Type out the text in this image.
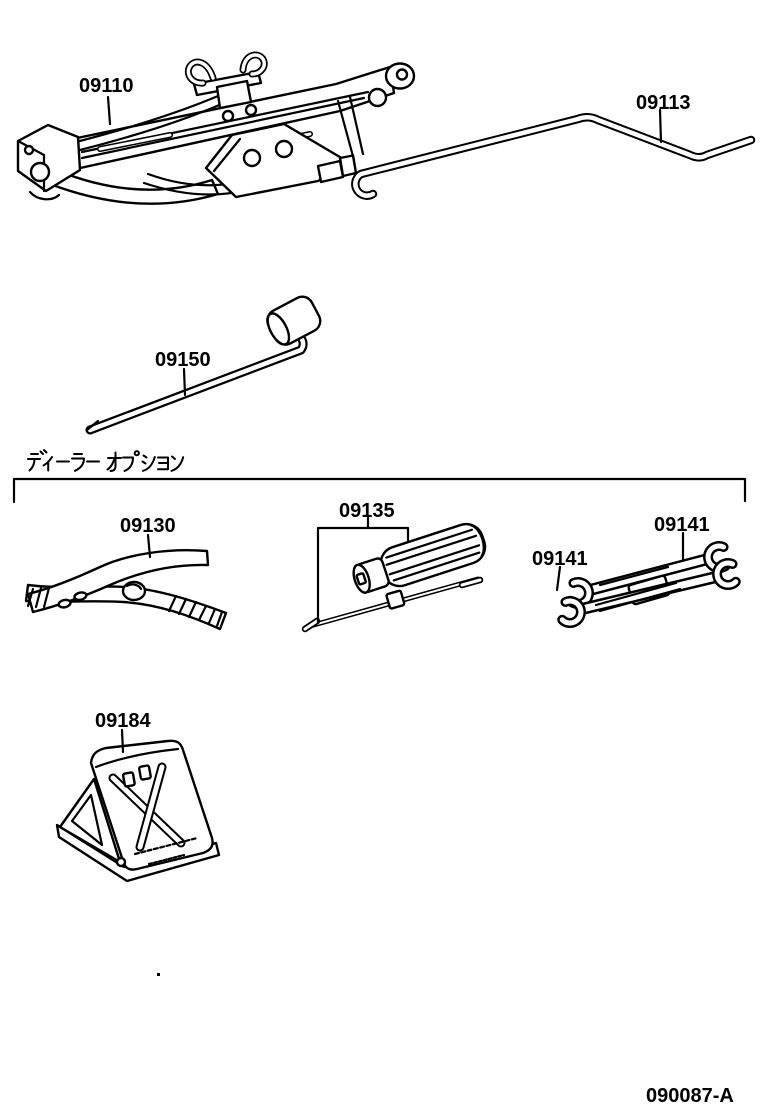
09110
09113
09150
09130
09135
09141
09141
09184
090087-A
